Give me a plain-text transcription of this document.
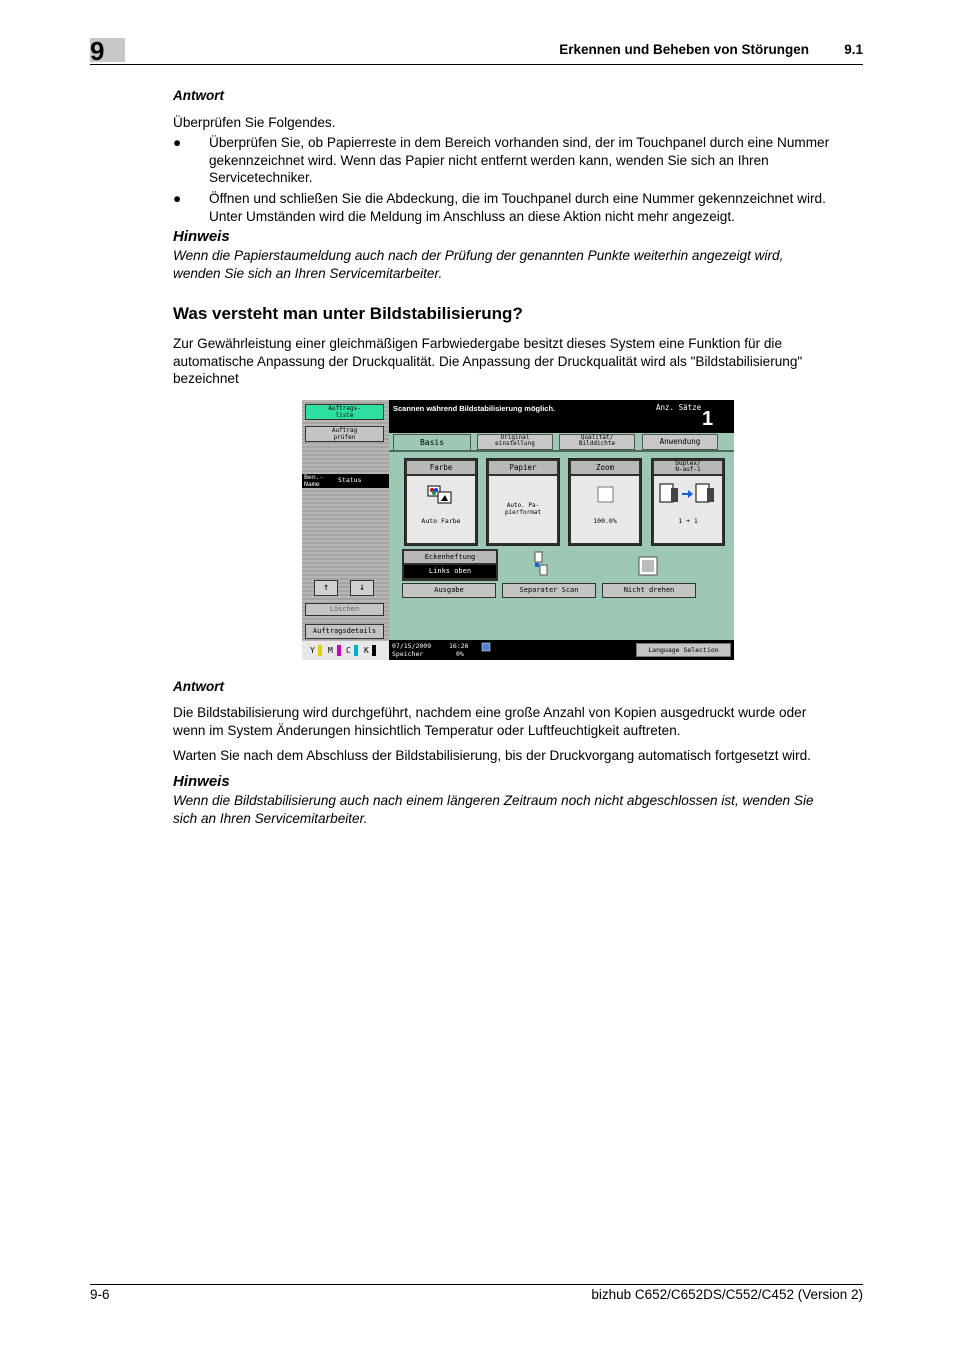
9	Erkennen und Beheben von Störungen	9.1
Antwort
Überprüfen Sie Folgendes.
● Überprüfen Sie, ob Papierreste in dem Bereich vorhanden sind, der im Touchpanel durch eine Nummer
gekennzeichnet wird. Wenn das Papier nicht entfernt werden kann, wenden Sie sich an Ihren
Servicetechniker.
● Öffnen und schließen Sie die Abdeckung, die im Touchpanel durch eine Nummer gekennzeichnet wird.
Unter Umständen wird die Meldung im Anschluss an diese Aktion nicht mehr angezeigt.
Hinweis
Wenn die Papierstaumeldung auch nach der Prüfung der genannten Punkte weiterhin angezeigt wird,
wenden Sie sich an Ihren Servicemitarbeiter.
Was versteht man unter Bildstabilisierung?
Zur Gewährleistung einer gleichmäßigen Farbwiedergabe besitzt dieses System eine Funktion für die
automatische Anpassung der Druckqualität. Die Anpassung der Druckqualität wird als "Bildstabilisierung"
bezeichnet
Auftrags-
liste
Auftrag
prüfen
Ben.-
Name	Status
↑	↓
Löschen
Auftragsdetails
Y M C K
Scannen während Bildstabilisierung möglich.	Anz. Sätze
1
Basis
Original
einstellung
Qualität/
Bilddichte	Anwendung
Farbe
Auto Farbe
Papier
Auto. Pa-
pierformat
Zoom
100.0%
Duplex/
N-auf-1
1 ➔ 1
Eckenheftung
Links oben
Ausgabe	Separater Scan	Nicht drehen
07/15/2009	16:26
Speicher	0%	Language Selection
Antwort
Die Bildstabilisierung wird durchgeführt, nachdem eine große Anzahl von Kopien ausgedruckt wurde oder
wenn im System Änderungen hinsichtlich Temperatur oder Luftfeuchtigkeit auftreten.
Warten Sie nach dem Abschluss der Bildstabilisierung, bis der Druckvorgang automatisch fortgesetzt wird.
Hinweis
Wenn die Bildstabilisierung auch nach einem längeren Zeitraum noch nicht abgeschlossen ist, wenden Sie
sich an Ihren Servicemitarbeiter.
9-6	bizhub C652/C652DS/C552/C452 (Version 2)
